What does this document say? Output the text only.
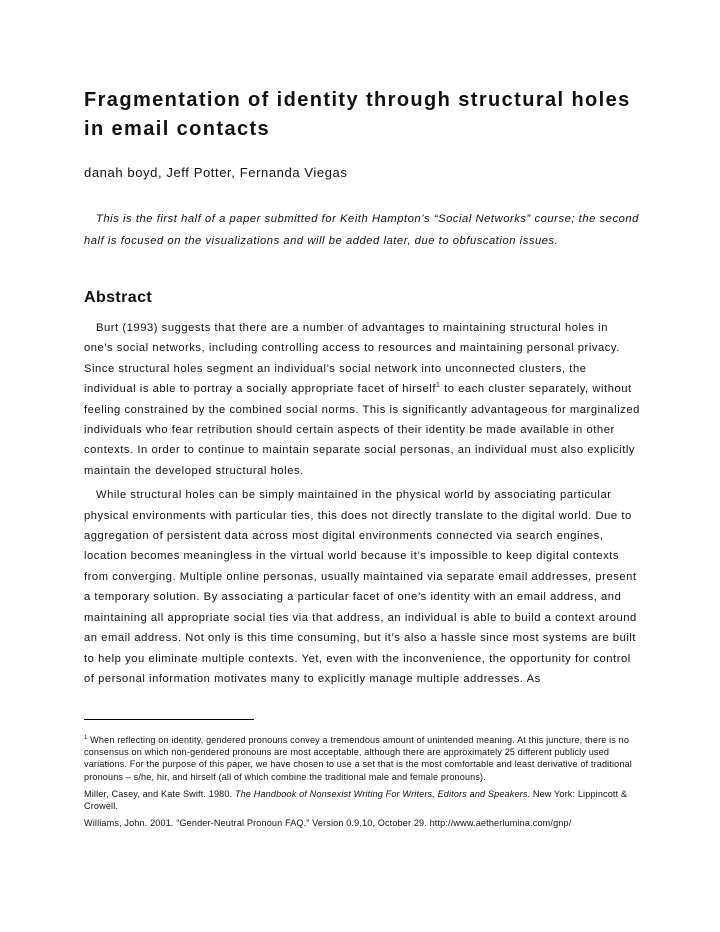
Fragmentation of identity through structural holes in email contacts

danah boyd, Jeff Potter, Fernanda Viegas

This is the first half of a paper submitted for Keith Hampton’s “Social Networks” course; the second half is focused on the visualizations and will be added later, due to obfuscation issues.

Abstract

Burt (1993) suggests that there are a number of advantages to maintaining structural holes in one's social networks, including controlling access to resources and maintaining personal privacy. Since structural holes segment an individual’s social network into unconnected clusters, the individual is able to portray a socially appropriate facet of hirself$^1$ to each cluster separately, without feeling constrained by the combined social norms. This is significantly advantageous for marginalized individuals who fear retribution should certain aspects of their identity be made available in other contexts. In order to continue to maintain separate social personas, an individual must also explicitly maintain the developed structural holes.

While structural holes can be simply maintained in the physical world by associating particular physical environments with particular ties, this does not directly translate to the digital world. Due to aggregation of persistent data across most digital environments connected via search engines, location becomes meaningless in the virtual world because it’s impossible to keep digital contexts from converging. Multiple online personas, usually maintained via separate email addresses, present a temporary solution. By associating a particular facet of one’s identity with an email address, and maintaining all appropriate social ties via that address, an individual is able to build a context around an email address. Not only is this time consuming, but it’s also a hassle since most systems are built to help you eliminate multiple contexts. Yet, even with the inconvenience, the opportunity for control of personal information motivates many to explicitly manage multiple addresses. As

$^1$ When reflecting on identity, gendered pronouns convey a tremendous amount of unintended meaning. At this juncture, there is no consensus on which non-gendered pronouns are most acceptable, although there are approximately 25 different publicly used variations. For the purpose of this paper, we have chosen to use a set that is the most comfortable and least derivative of traditional pronouns – s/he, hir, and hirself (all of which combine the traditional male and female pronouns).

Miller, Casey, and Kate Swift. 1980. The Handbook of Nonsexist Writing For Writers, Editors and Speakers. New York: Lippincott & Crowell.

Williams, John. 2001. “Gender-Neutral Pronoun FAQ.” Version 0.9.10, October 29. http://www.aetherlumina.com/gnp/
